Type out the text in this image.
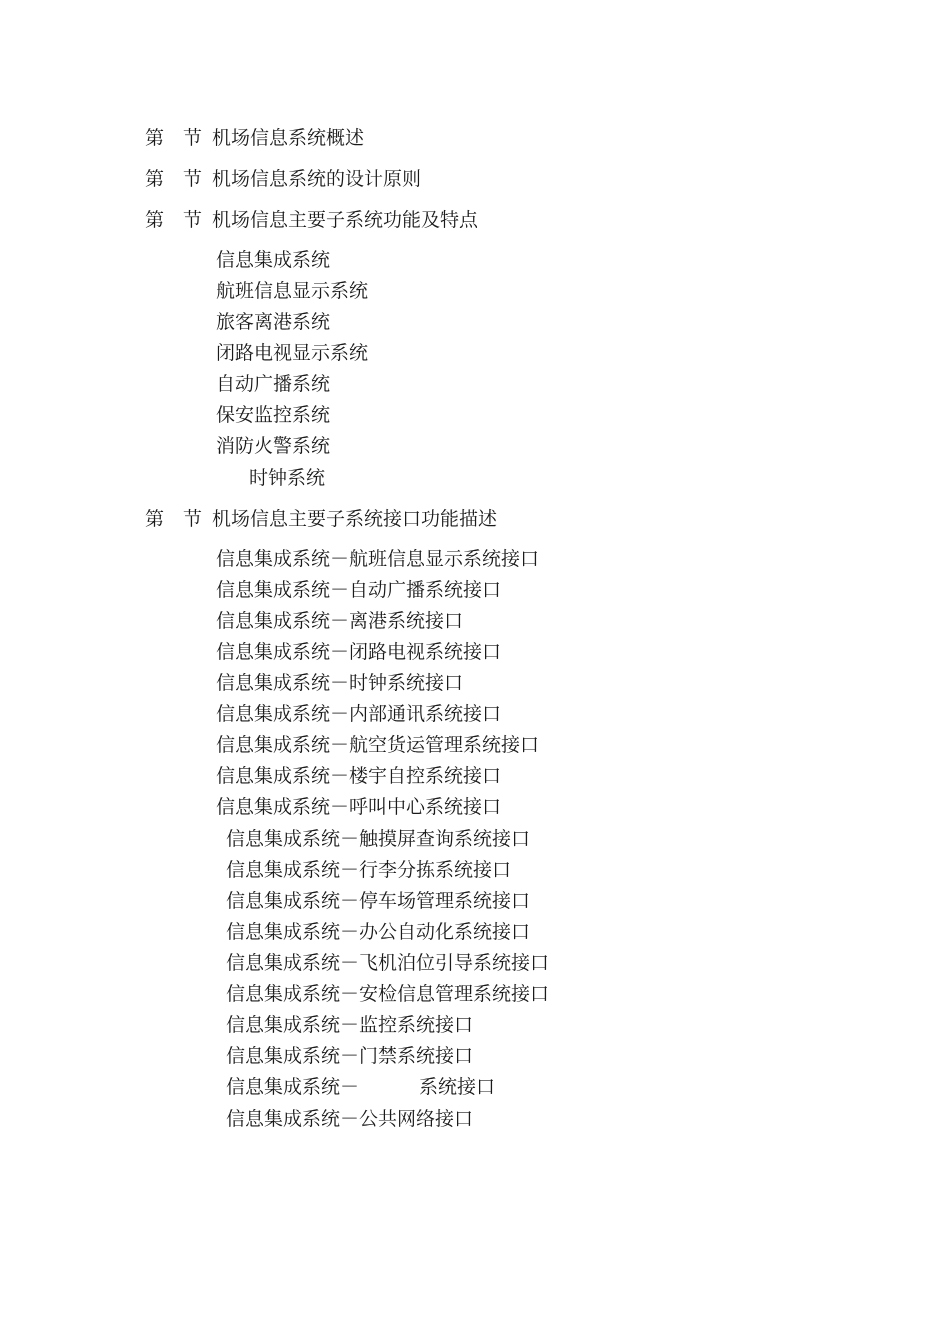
第 节 机场信息系统概述
第 节 机场信息系统的设计原则
第 节 机场信息主要子系统功能及特点
信息集成系统
航班信息显示系统
旅客离港系统
闭路电视显示系统
自动广播系统
保安监控系统
消防火警系统
时钟系统
第 节 机场信息主要子系统接口功能描述
信息集成系统－航班信息显示系统接口
信息集成系统－自动广播系统接口
信息集成系统－离港系统接口
信息集成系统－闭路电视系统接口
信息集成系统－时钟系统接口
信息集成系统－内部通讯系统接口
信息集成系统－航空货运管理系统接口
信息集成系统－楼宇自控系统接口
信息集成系统－呼叫中心系统接口
信息集成系统－触摸屏查询系统接口
信息集成系统－行李分拣系统接口
信息集成系统－停车场管理系统接口
信息集成系统－办公自动化系统接口
信息集成系统－飞机泊位引导系统接口
信息集成系统－安检信息管理系统接口
信息集成系统－监控系统接口
信息集成系统－门禁系统接口
信息集成系统－	系统接口
信息集成系统－公共网络接口
